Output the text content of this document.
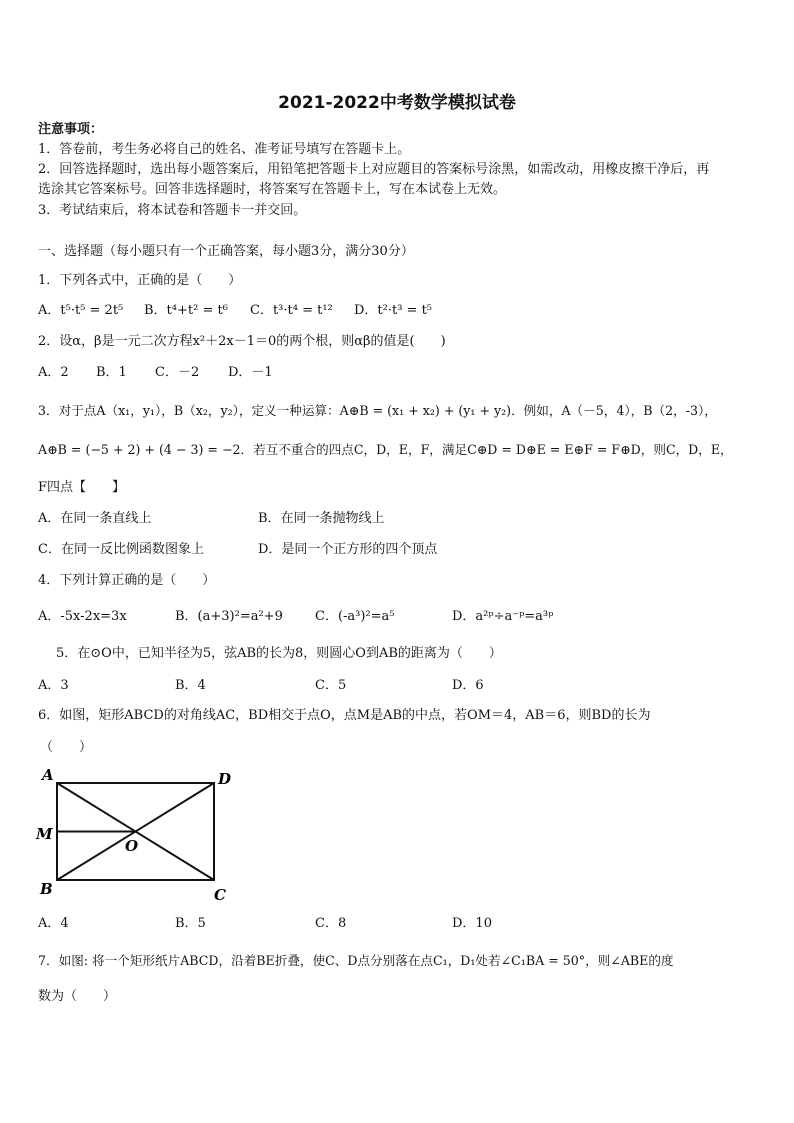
2021-2022中考数学模拟试卷
注意事项：
1．答卷前，考生务必将自己的姓名、准考证号填写在答题卡上。
2．回答选择题时，选出每小题答案后，用铅笔把答题卡上对应题目的答案标号涂黑，如需改动，用橡皮擦干净后，再
选涂其它答案标号。回答非选择题时，将答案写在答题卡上，写在本试卷上无效。
3．考试结束后，将本试卷和答题卡一并交回。
一、选择题（每小题只有一个正确答案，每小题3分，满分30分）
1．下列各式中，正确的是（　　）
A．t⁵·t⁵ = 2t⁵ B．t⁴+t² = t⁶ C．t³·t⁴ = t¹² D．t²·t³ = t⁵
2．设α，β是一元二次方程x²＋2x－1＝0的两个根，则αβ的值是(　　)
A．2 B．1 C．－2 D．－1
3．对于点A（x₁，y₁），B（x₂，y₂），定义一种运算：A⊕B = (x₁ + x₂) + (y₁ + y₂)．例如，A（－5，4），B（2，-3），
A⊕B = (−5 + 2) + (4 − 3) = −2．若互不重合的四点C，D，E，F，满足C⊕D = D⊕E = E⊕F = F⊕D，则C，D，E，
F四点【　　】
A．在同一条直线上	B．在同一条抛物线上
C．在同一反比例函数图象上	D．是同一个正方形的四个顶点
4．下列计算正确的是（　　）
A．-5x-2x=3x	B．(a+3)²=a²+9 C．(-a³)²=a⁵	D．a²ᵖ÷a⁻ᵖ=a³ᵖ
5．在⊙O中，已知半径为5，弦AB的长为8，则圆心O到AB的距离为（　　）
A．3	B．4	C．5	D．6
6．如图，矩形ABCD的对角线AC，BD相交于点O，点M是AB的中点，若OM＝4，AB＝6，则BD的长为
（　　）
A	D
M
O
B	C
A．4	B．5	C．8	D．10
7．如图: 将一个矩形纸片ABCD，沿着BE折叠，使C、D点分别落在点C₁，D₁处若∠C₁BA = 50°，则∠ABE的度
数为（　　）
